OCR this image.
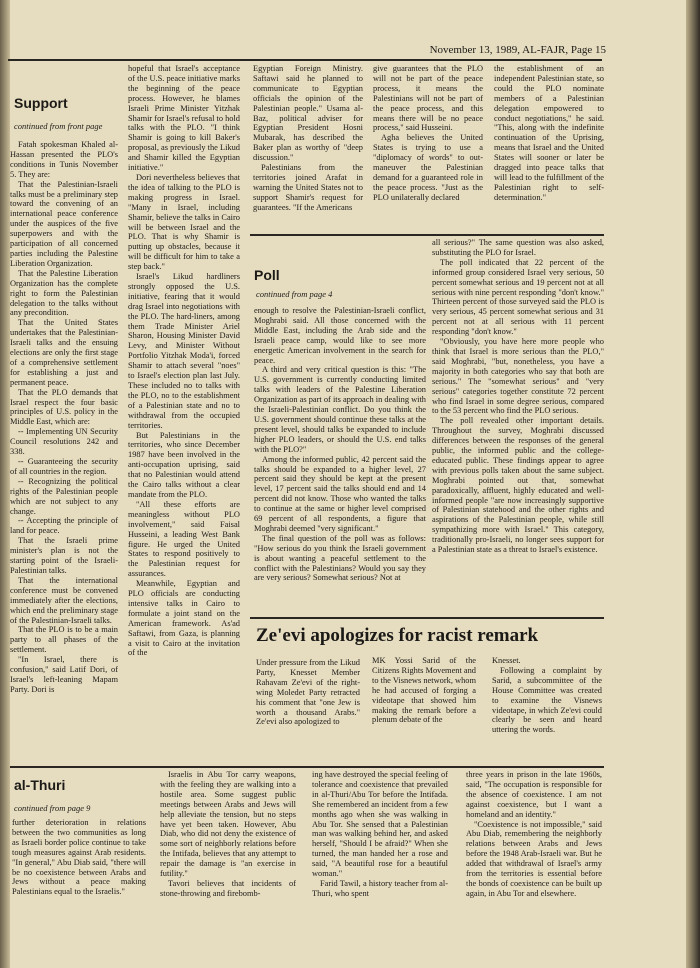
November 13, 1989, AL-FAJR, Page 15
Support
continued from front page

Fatah spokesman Khaled al-Hassan presented the PLO's conditions in Tunis November 5. They are:

That the Palestinian-Israeli talks must be a preliminary step toward the convening of an international peace conference under the auspices of the five superpowers and with the participation of all concerned parties including the Palestine Liberation Organization.

That the Palestine Liberation Organization has the complete right to form the Palestinian delegation to the talks without any precondition.

That the United States undertakes that the Palestinian-Israeli talks and the ensuing elections are only the first stage of a comprehensive settlement for establishing a just and permanent peace.

That the PLO demands that Israel respect the four basic principles of U.S. policy in the Middle East, which are:

-- Implementing UN Security Council resolutions 242 and 338.

-- Guaranteeing the security of all countries in the region.

-- Recognizing the political rights of the Palestinian people which are not subject to any change.

-- Accepting the principle of land for peace.

That the Israeli prime minister's plan is not the starting point of the Israeli-Palestinian talks.

That the international conference must be convened immediately after the elections, which end the preliminary stage of the Palestinian-Israeli talks.

That the PLO is to be a main party to all phases of the settlement.

"In Israel, there is confusion," said Latif Dori, of Israel's left-leaning Mapam Party. Dori is

hopeful that Israel's acceptance of the U.S. peace initiative marks the beginning of the peace process. However, he blames Israeli Prime Minister Yitzhak Shamir for Israel's refusal to hold talks with the PLO. "I think Shamir is going to kill Baker's proposal, as previously the Likud and Shamir killed the Egyptian initiative."

Dori nevertheless believes that the idea of talking to the PLO is making progress in Israel. "Many in Israel, including Shamir, believe the talks in Cairo will be between Israel and the PLO. That is why Shamir is putting up obstacles, because it will be difficult for him to take a step back."

Israel's Likud hardliners strongly opposed the U.S. initiative, fearing that it would drag Israel into negotiations with the PLO. The hard-liners, among them Trade Minister Ariel Sharon, Housing Minister David Levy, and Minister Without Portfolio Yitzhak Moda'i, forced Shamir to attach several "noes" to Israel's election plan last July. These included no to talks with the PLO, no to the establishment of a Palestinian state and no to withdrawal from the occupied territories.

But Palestinians in the territories, who since December 1987 have been involved in the anti-occupation uprising, said that no Palestinian would attend the Cairo talks without a clear mandate from the PLO.

"All these efforts are meaningless without PLO involvement," said Faisal Husseini, a leading West Bank figure. He urged the United States to respond positively to the Palestinian request for assurances.

Meanwhile, Egyptian and PLO officials are conducting intensive talks in Cairo to formulate a joint stand on the American framework. As'ad Saftawi, from Gaza, is planning a visit to Cairo at the invitation of the

Egyptian Foreign Ministry. Saftawi said he planned to communicate to Egyptian officials the opinion of the Palestinian people." Usama al-Baz, political adviser for Egyptian President Hosni Mubarak, has described the Baker plan as worthy of "deep discussion."

Palestinians from the territories joined Arafat in warning the United States not to support Shamir's request for guarantees. "If the Americans

give guarantees that the PLO will not be part of the peace process, it means the Palestinians will not be part of the peace process, and this means there will be no peace process," said Husseini.

Agha believes the United States is trying to use a "diplomacy of words" to out-maneuver the Palestinian demand for a guaranteed role in the peace process. "Just as the PLO unilaterally declared

the establishment of an independent Palestinian state, so could the PLO nominate members of a Palestinian delegation empowered to conduct negotiations," he said. "This, along with the indefinite continuation of the Uprising, means that Israel and the United States will sooner or later be dragged into peace talks that will lead to the fulfillment of the Palestinian right to self-determination."

Poll
continued from page 4

enough to resolve the Palestinian-Israeli conflict, Moghrabi said. All those concerned with the Middle East, including the Arab side and the Israeli peace camp, would like to see more energetic American involvement in the search for peace.

A third and very critical question is this: "The U.S. government is currently conducting limited talks with leaders of the Palestine Liberation Organization as part of its approach in dealing with the Israeli-Palestinian conflict. Do you think the U.S. government should continue these talks at the present level, should talks be expanded to include higher PLO leaders, or should the U.S. end talks with the PLO?"

Among the informed public, 42 percent said the talks should be expanded to a higher level, 27 percent said they should be kept at the present level, 17 percent said the talks should end and 14 percent did not know. Those who wanted the talks to continue at the same or higher level comprised 69 percent of all respondents, a figure that Moghrabi deemed "very significant."

The final question of the poll was as follows: "How serious do you think the Israeli government is about wanting a peaceful settlement to the conflict with the Palestinians? Would you say they are very serious? Somewhat serious? Not at

all serious?" The same question was also asked, substituting the PLO for Israel.

The poll indicated that 22 percent of the informed group considered Israel very serious, 50 percent somewhat serious and 19 percent not at all serious with nine percent responding "don't know." Thirteen percent of those surveyed said the PLO is very serious, 45 percent somewhat serious and 31 percent not at all serious with 11 percent responding "don't know."

"Obviously, you have here more people who think that Israel is more serious than the PLO," said Moghrabi, "but, nonetheless, you have a majority in both categories who say that both are serious." The "somewhat serious" and "very serious" categories together constitute 72 percent who find Israel in some degree serious, compared to the 53 percent who find the PLO serious.

The poll revealed other important details. Throughout the survey, Moghrabi discussed differences between the responses of the general public, the informed public and the college-educated public. These findings appear to agree with previous polls taken about the same subject. Moghrabi pointed out that, somewhat paradoxically, affluent, highly educated and well-informed people "are now increasingly supportive of Palestinian statehood and the other rights and aspirations of the Palestinian people, while still sympathizing more with Israel." This category, traditionally pro-Israeli, no longer sees support for a Palestinian state as a threat to Israel's existence.

Ze'evi apologizes for racist remark

Under pressure from the Likud Party, Knesset Member Rahavam Ze'evi of the right-wing Moledet Party retracted his comment that "one Jew is worth a thousand Arabs." Ze'evi also apologized to

MK Yossi Sarid of the Citizens Rights Movement and to the Visnews network, whom he had accused of forging a videotape that showed him making the remark before a plenum debate of the

Knesset.

Following a complaint by Sarid, a subcommittee of the House Committee was created to examine the Visnews videotape, in which Ze'evi could clearly be seen and heard uttering the words.

al-Thuri
continued from page 9

further deterioration in relations between the two communities as long as Israeli border police continue to take tough measures against Arab residents. "In general," Abu Diab said, "there will be no coexistence between Arabs and Jews without a peace making Palestinians equal to the Israelis."

Israelis in Abu Tor carry weapons, with the feeling they are walking into a hostile area. Some suggest public meetings between Arabs and Jews will help alleviate the tension, but no steps have yet been taken. However, Abu Diab, who did not deny the existence of some sort of neighborly relations before the Intifada, believes that any attempt to repair the damage is "an exercise in futility."

Tavori believes that incidents of stone-throwing and firebomb-

ing have destroyed the special feeling of tolerance and coexistence that prevailed in al-Thuri/Abu Tor before the Intifada. She remembered an incident from a few months ago when she was walking in Abu Tor. She sensed that a Palestinian man was walking behind her, and asked herself, "Should I be afraid?" When she turned, the man handed her a rose and said, "A beautiful rose for a beautiful woman."

Farid Tawil, a history teacher from al-Thuri, who spent

three years in prison in the late 1960s, said, "The occupation is responsible for the absence of coexistence. I am not against coexistence, but I want a homeland and an identity."

"Coexistence is not impossible," said Abu Diab, remembering the neighborly relations between Arabs and Jews before the 1948 Arab-Israeli war. But he added that withdrawal of Israel's army from the territories is essential before the bonds of coexistence can be built up again, in Abu Tor and elsewhere.
